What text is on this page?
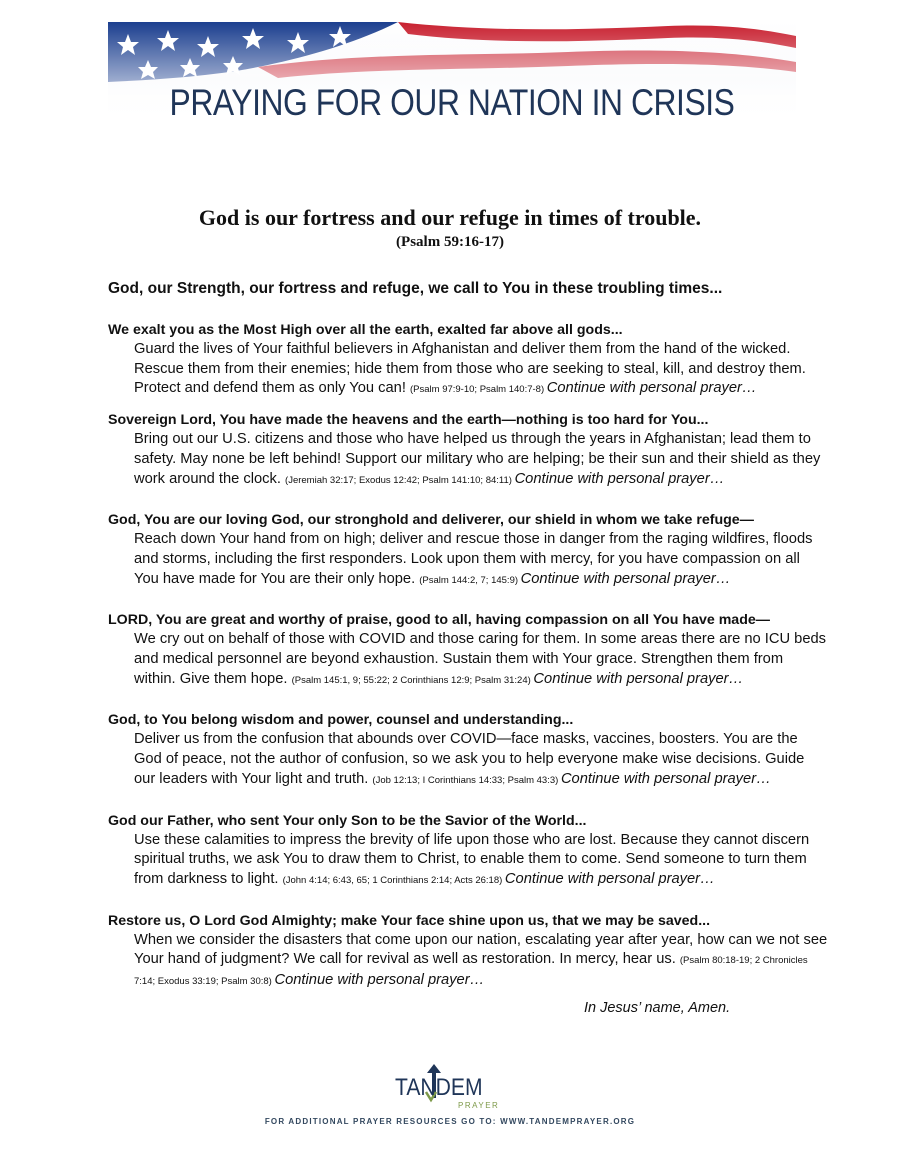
PRAYING FOR OUR NATION IN CRISIS
God is our fortress and our refuge in times of trouble.
(Psalm 59:16-17)
God, our Strength, our fortress and refuge, we call to You in these troubling times...
We exalt you as the Most High over all the earth, exalted far above all gods...

Guard the lives of Your faithful believers in Afghanistan and deliver them from the hand of the wicked. Rescue them from their enemies; hide them from those who are seeking to steal, kill, and destroy them. Protect and defend them as only You can! (Psalm 97:9-10; Psalm 140:7-8) Continue with personal prayer…

Sovereign Lord, You have made the heavens and the earth—nothing is too hard for You...

Bring out our U.S. citizens and those who have helped us through the years in Afghanistan; lead them to safety. May none be left behind! Support our military who are helping; be their sun and their shield as they work around the clock. (Jeremiah 32:17; Exodus 12:42; Psalm 141:10; 84:11) Continue with personal prayer…

God, You are our loving God, our stronghold and deliverer, our shield in whom we take refuge—

Reach down Your hand from on high; deliver and rescue those in danger from the raging wildfires, floods and storms, including the first responders. Look upon them with mercy, for you have compassion on all You have made for You are their only hope. (Psalm 144:2, 7; 145:9) Continue with personal prayer…

LORD, You are great and worthy of praise, good to all, having compassion on all You have made—

We cry out on behalf of those with COVID and those caring for them. In some areas there are no ICU beds and medical personnel are beyond exhaustion. Sustain them with Your grace. Strengthen them from within. Give them hope. (Psalm 145:1, 9; 55:22; 2 Corinthians 12:9; Psalm 31:24) Continue with personal prayer…

God, to You belong wisdom and power, counsel and understanding...

Deliver us from the confusion that abounds over COVID—face masks, vaccines, boosters. You are the God of peace, not the author of confusion, so we ask you to help everyone make wise decisions. Guide our leaders with Your light and truth. (Job 12:13; I Corinthians 14:33; Psalm 43:3) Continue with personal prayer…

God our Father, who sent Your only Son to be the Savior of the World...

Use these calamities to impress the brevity of life upon those who are lost. Because they cannot discern spiritual truths, we ask You to draw them to Christ, to enable them to come. Send someone to turn them from darkness to light. (John 4:14; 6:43, 65; 1 Corinthians 2:14; Acts 26:18) Continue with personal prayer…

Restore us, O Lord God Almighty; make Your face shine upon us, that we may be saved...

When we consider the disasters that come upon our nation, escalating year after year, how can we not see Your hand of judgment? We call for revival as well as restoration. In mercy, hear us. (Psalm 80:18-19; 2 Chronicles 7:14; Exodus 33:19; Psalm 30:8) Continue with personal prayer…

In Jesus’ name, Amen.
TANDEM
PRAYER
FOR ADDITIONAL PRAYER RESOURCES GO TO: WWW.TANDEMPRAYER.ORG
